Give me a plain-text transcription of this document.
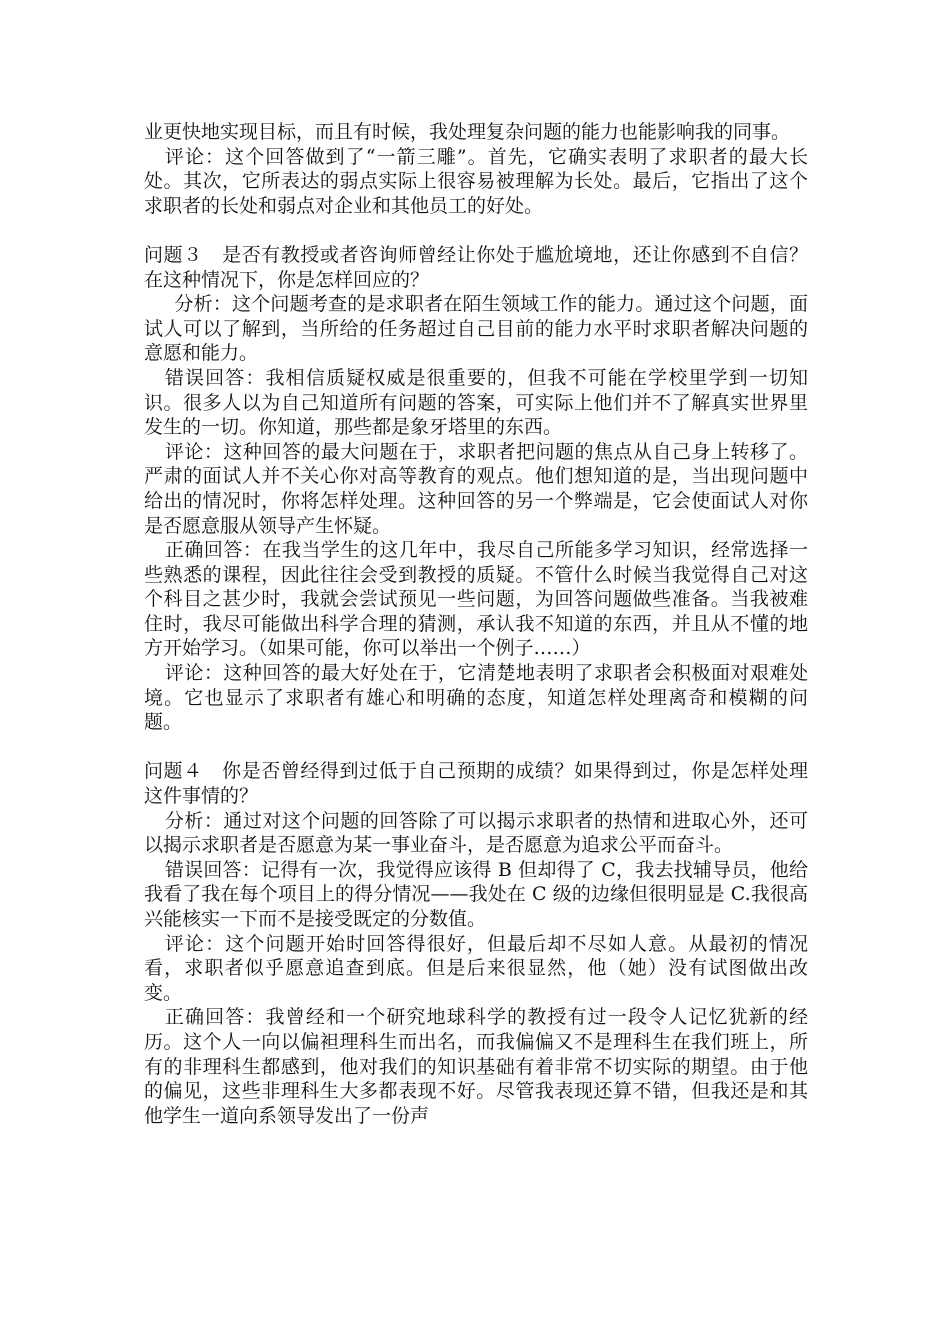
业更快地实现目标，而且有时候，我处理复杂问题的能力也能影响我的同事。

评论：这个回答做到了“一箭三雕”。首先，它确实表明了求职者的最大长处。其次，它所表达的弱点实际上很容易被理解为长处。最后，它指出了这个求职者的长处和弱点对企业和其他员工的好处。

问题３　是否有教授或者咨询师曾经让你处于尴尬境地，还让你感到不自信？在这种情况下，你是怎样回应的？

分析：这个问题考查的是求职者在陌生领域工作的能力。通过这个问题，面试人可以了解到，当所给的任务超过自己目前的能力水平时求职者解决问题的意愿和能力。

错误回答：我相信质疑权威是很重要的，但我不可能在学校里学到一切知识。很多人以为自己知道所有问题的答案，可实际上他们并不了解真实世界里发生的一切。你知道，那些都是象牙塔里的东西。

评论：这种回答的最大问题在于，求职者把问题的焦点从自己身上转移了。严肃的面试人并不关心你对高等教育的观点。他们想知道的是，当出现问题中给出的情况时，你将怎样处理。这种回答的另一个弊端是，它会使面试人对你是否愿意服从领导产生怀疑。

正确回答：在我当学生的这几年中，我尽自己所能多学习知识，经常选择一些熟悉的课程，因此往往会受到教授的质疑。不管什么时候当我觉得自己对这个科目之甚少时，我就会尝试预见一些问题，为回答问题做些准备。当我被难住时，我尽可能做出科学合理的猜测，承认我不知道的东西，并且从不懂的地方开始学习。（如果可能，你可以举出一个例子……）

评论：这种回答的最大好处在于，它清楚地表明了求职者会积极面对艰难处境。它也显示了求职者有雄心和明确的态度，知道怎样处理离奇和模糊的问题。

问题４　你是否曾经得到过低于自己预期的成绩？如果得到过，你是怎样处理这件事情的？

分析：通过对这个问题的回答除了可以揭示求职者的热情和进取心外，还可以揭示求职者是否愿意为某一事业奋斗，是否愿意为追求公平而奋斗。

错误回答：记得有一次，我觉得应该得 B 但却得了 C，我去找辅导员，他给我看了我在每个项目上的得分情况——我处在 C 级的边缘但很明显是 C.我很高兴能核实一下而不是接受既定的分数值。

评论：这个问题开始时回答得很好，但最后却不尽如人意。从最初的情况看，求职者似乎愿意追查到底。但是后来很显然，他（她）没有试图做出改变。

正确回答：我曾经和一个研究地球科学的教授有过一段令人记忆犹新的经历。这个人一向以偏袒理科生而出名，而我偏偏又不是理科生在我们班上，所有的非理科生都感到，他对我们的知识基础有着非常不切实际的期望。由于他的偏见，这些非理科生大多都表现不好。尽管我表现还算不错，但我还是和其他学生一道向系领导发出了一份声
